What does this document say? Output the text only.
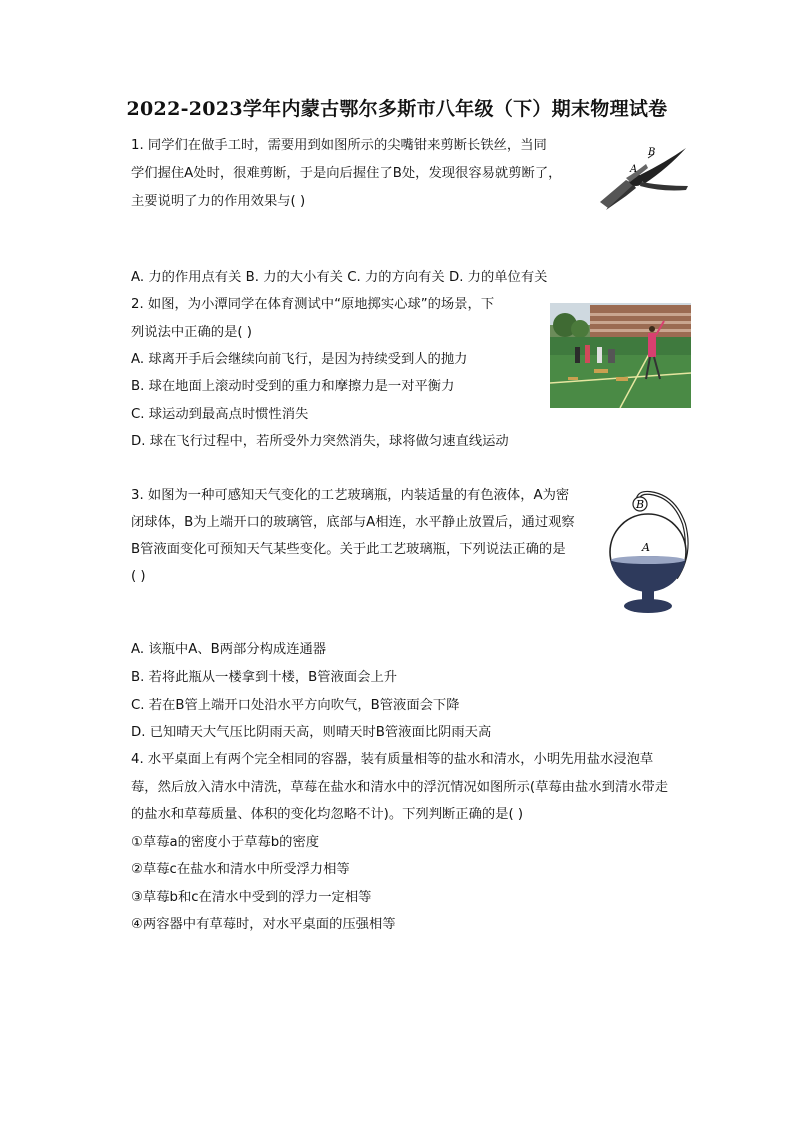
2022-2023学年内蒙古鄂尔多斯市八年级（下）期末物理试卷
1. 同学们在做手工时，需要用到如图所示的尖嘴钳来剪断长铁丝，当同
学们握住A处时，很难剪断，于是向后握住了B处，发现很容易就剪断了，
主要说明了力的作用效果与( )
B
A
A. 力的作用点有关 B. 力的大小有关 C. 力的方向有关 D. 力的单位有关
2. 如图，为小潭同学在体育测试中“原地掷实心球”的场景，下
列说法中正确的是( )
A. 球离开手后会继续向前飞行，是因为持续受到人的抛力
B. 球在地面上滚动时受到的重力和摩擦力是一对平衡力
C. 球运动到最高点时惯性消失
D. 球在飞行过程中，若所受外力突然消失，球将做匀速直线运动
3. 如图为一种可感知天气变化的工艺玻璃瓶，内装适量的有色液体，A为密
闭球体，B为上端开口的玻璃管，底部与A相连，水平静止放置后，通过观察
B管液面变化可预知天气某些变化。关于此工艺玻璃瓶，下列说法正确的是
( )
B
A
A. 该瓶中A、B两部分构成连通器
B. 若将此瓶从一楼拿到十楼，B管液面会上升
C. 若在B管上端开口处沿水平方向吹气，B管液面会下降
D. 已知晴天大气压比阴雨天高，则晴天时B管液面比阴雨天高
4. 水平桌面上有两个完全相同的容器，装有质量相等的盐水和清水，小明先用盐水浸泡草
莓，然后放入清水中清洗，草莓在盐水和清水中的浮沉情况如图所示(草莓由盐水到清水带走
的盐水和草莓质量、体积的变化均忽略不计)。下列判断正确的是( )
①草莓a的密度小于草莓b的密度
②草莓c在盐水和清水中所受浮力相等
③草莓b和c在清水中受到的浮力一定相等
④两容器中有草莓时，对水平桌面的压强相等
